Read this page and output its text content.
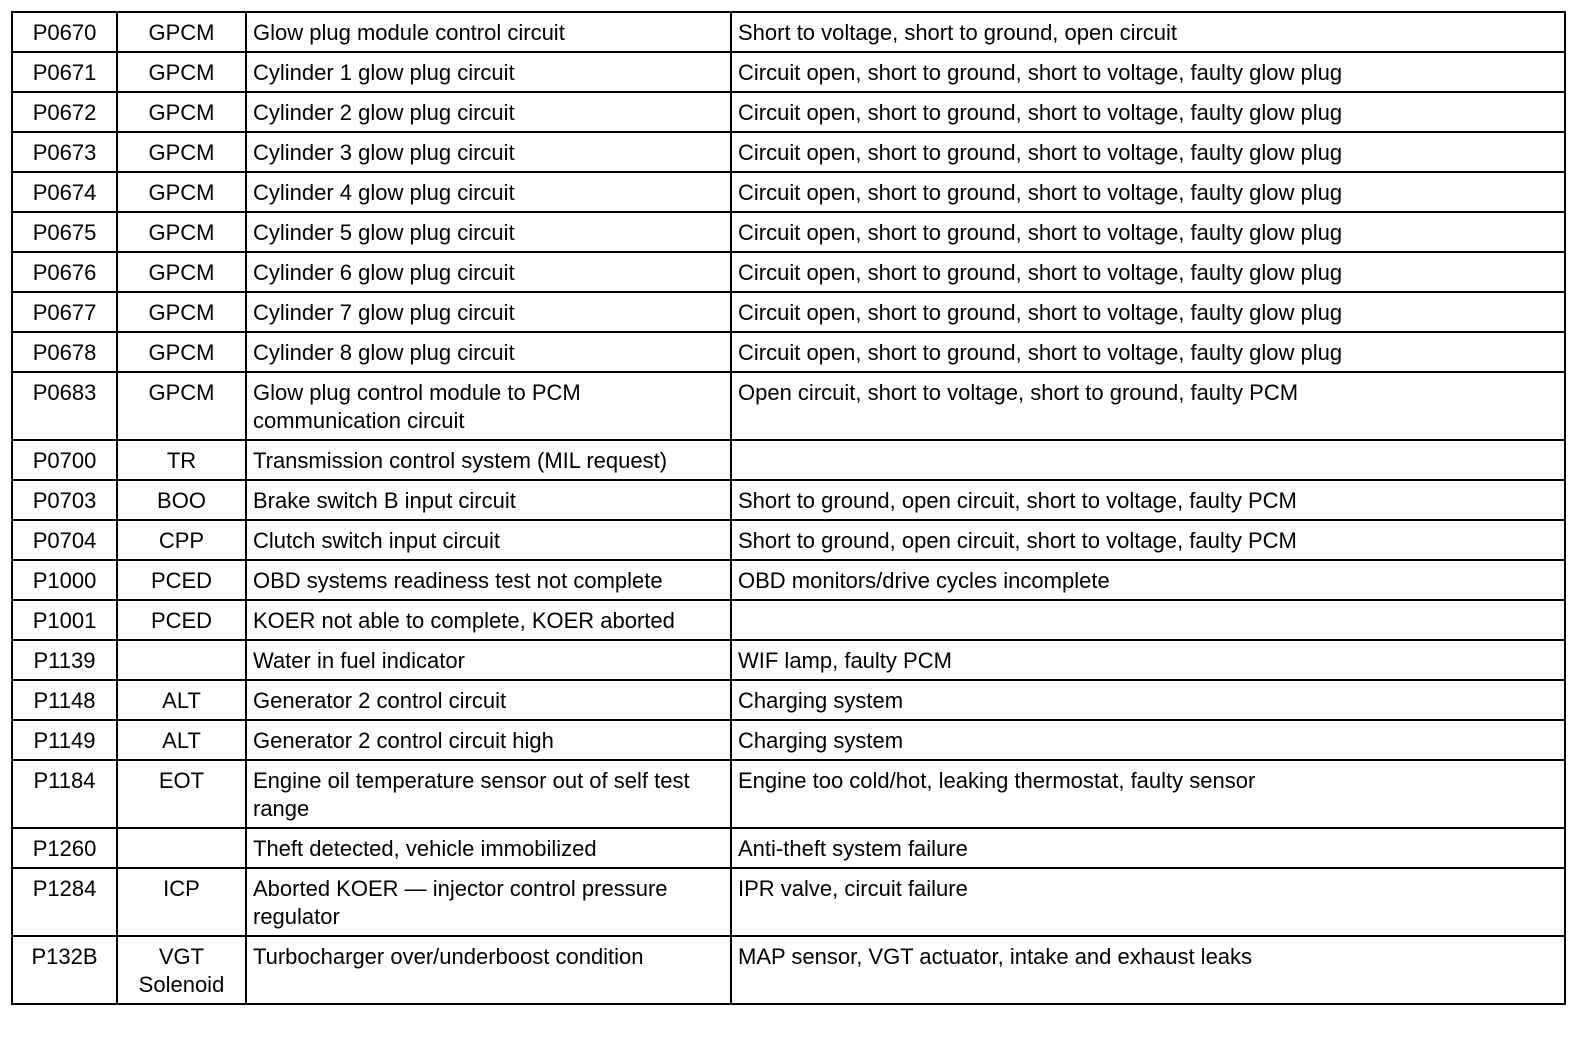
P0670	GPCM	Glow plug module control circuit	Short to voltage, short to ground, open circuit
P0671	GPCM	Cylinder 1 glow plug circuit	Circuit open, short to ground, short to voltage, faulty glow plug
P0672	GPCM	Cylinder 2 glow plug circuit	Circuit open, short to ground, short to voltage, faulty glow plug
P0673	GPCM	Cylinder 3 glow plug circuit	Circuit open, short to ground, short to voltage, faulty glow plug
P0674	GPCM	Cylinder 4 glow plug circuit	Circuit open, short to ground, short to voltage, faulty glow plug
P0675	GPCM	Cylinder 5 glow plug circuit	Circuit open, short to ground, short to voltage, faulty glow plug
P0676	GPCM	Cylinder 6 glow plug circuit	Circuit open, short to ground, short to voltage, faulty glow plug
P0677	GPCM	Cylinder 7 glow plug circuit	Circuit open, short to ground, short to voltage, faulty glow plug
P0678	GPCM	Cylinder 8 glow plug circuit	Circuit open, short to ground, short to voltage, faulty glow plug
P0683	GPCM	Glow plug control module to PCM communication circuit	Open circuit, short to voltage, short to ground, faulty PCM
P0700	TR	Transmission control system (MIL request)	
P0703	BOO	Brake switch B input circuit	Short to ground, open circuit, short to voltage, faulty PCM
P0704	CPP	Clutch switch input circuit	Short to ground, open circuit, short to voltage, faulty PCM
P1000	PCED	OBD systems readiness test not complete	OBD monitors/drive cycles incomplete
P1001	PCED	KOER not able to complete, KOER aborted	
P1139		Water in fuel indicator	WIF lamp, faulty PCM
P1148	ALT	Generator 2 control circuit	Charging system
P1149	ALT	Generator 2 control circuit high	Charging system
P1184	EOT	Engine oil temperature sensor out of self test range	Engine too cold/hot, leaking thermostat, faulty sensor
P1260		Theft detected, vehicle immobilized	Anti-theft system failure
P1284	ICP	Aborted KOER — injector control pressure regulator	IPR valve, circuit failure
P132B	VGT Solenoid	Turbocharger over/underboost condition	MAP sensor, VGT actuator, intake and exhaust leaks
